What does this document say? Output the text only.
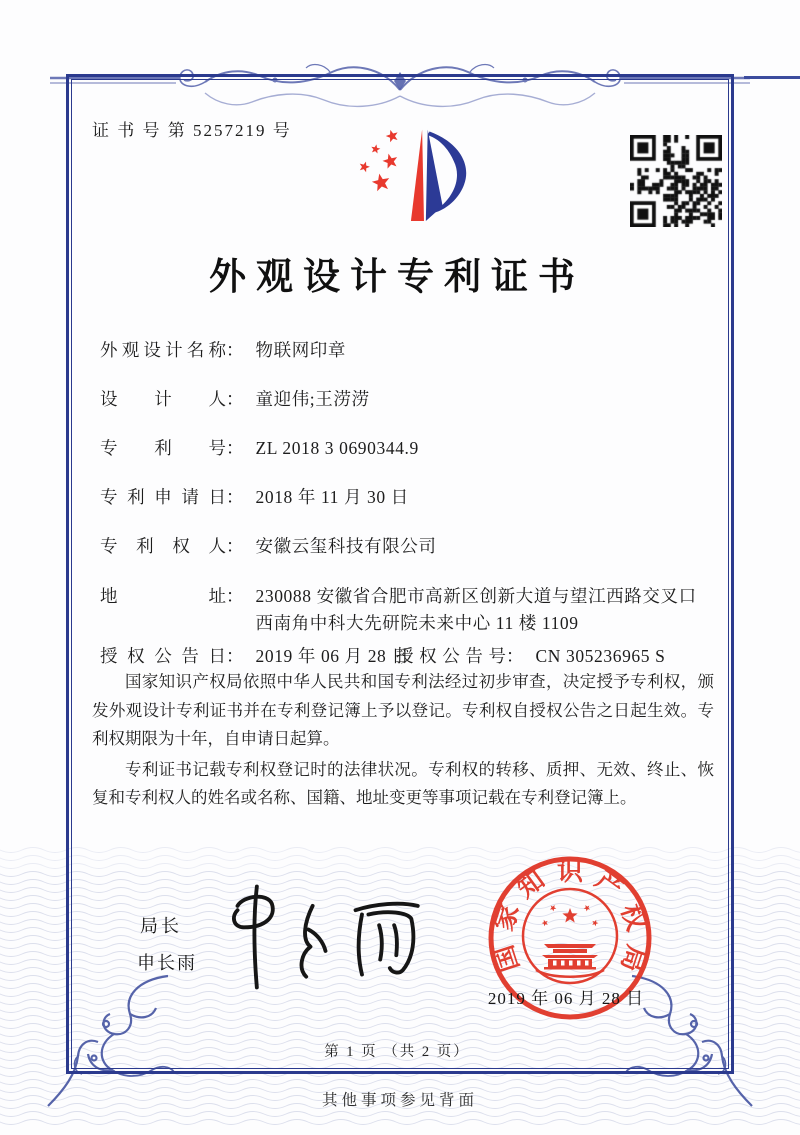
证 书 号 第 5257219 号
外观设计专利证书
外观设计名称： 物联网印章
设计人： 童迎伟;王涝涝
专利号： ZL 2018 3 0690344.9
专利申请日： 2018 年 11 月 30 日
专利权人： 安徽云玺科技有限公司
地址： 230088 安徽省合肥市高新区创新大道与望江西路交叉口
西南角中科大先研院未来中心 11 楼 1109
授权公告日： 2019 年 06 月 28 日
授权公告号： CN 305236965 S

国家知识产权局依照中华人民共和国专利法经过初步审查，决定授予专利权，颁发外观设计专利证书并在专利登记簿上予以登记。专利权自授权公告之日起生效。专利权期限为十年，自申请日起算。

专利证书记载专利权登记时的法律状况。专利权的转移、质押、无效、终止、恢复和专利权人的姓名或名称、国籍、地址变更等事项记载在专利登记簿上。

局长
申长雨	国
家
知 识 产
权
局
2019 年 06 月 28 日
第 1 页 （共 2 页）
其他事项参见背面
